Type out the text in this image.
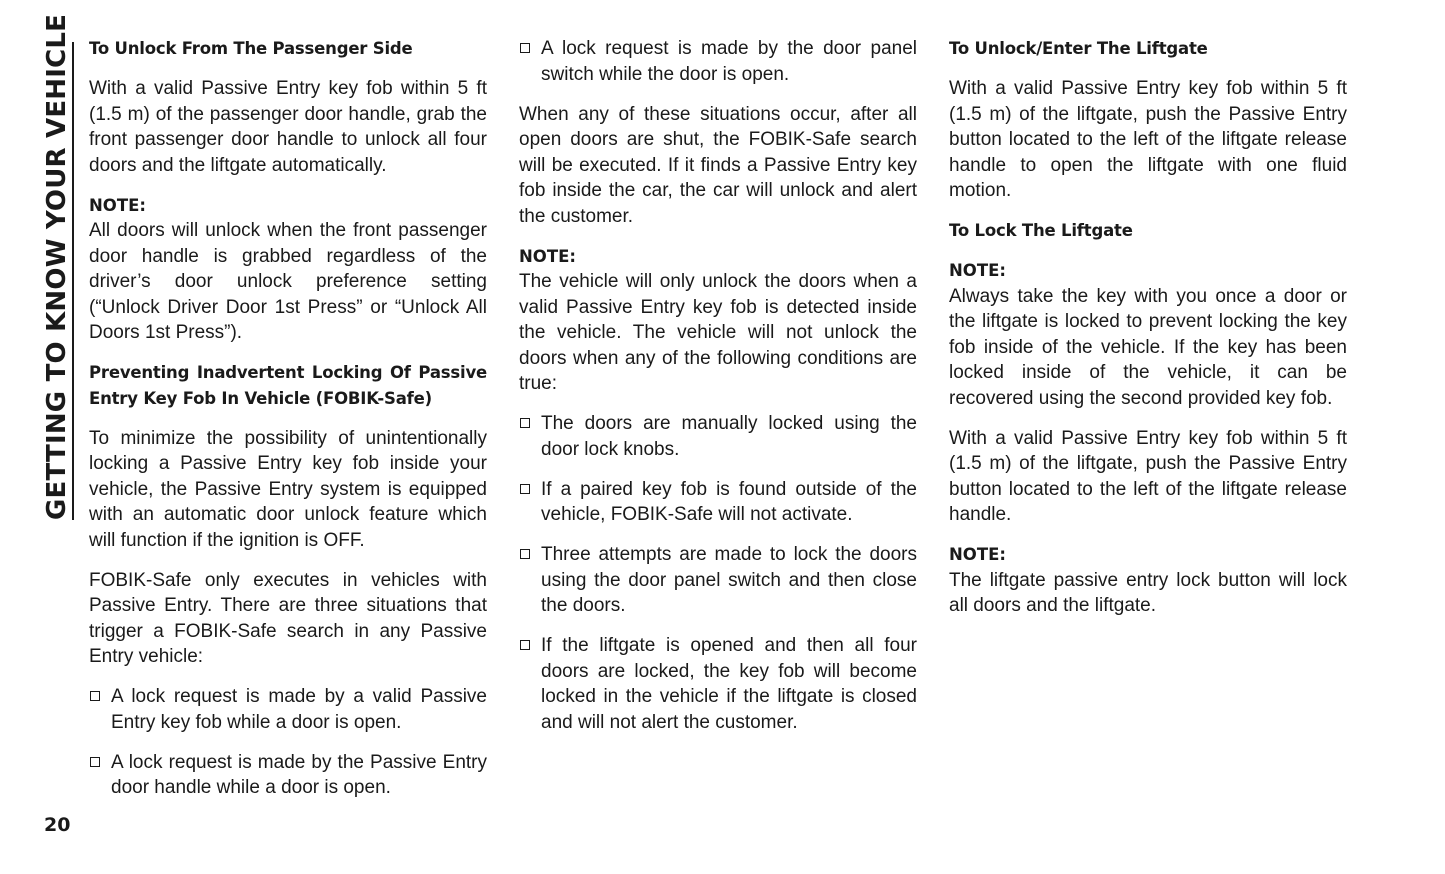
GETTING TO KNOW YOUR VEHICLE
20
To Unlock From The Passenger Side

With a valid Passive Entry key fob within 5 ft (1.5 m) of the passenger door handle, grab the front passenger door handle to unlock all four doors and the liftgate automatically.

NOTE:
All doors will unlock when the front passenger door handle is grabbed regardless of the driver’s door unlock preference setting (“Unlock Driver Door 1st Press” or “Unlock All Doors 1st Press”).
Preventing Inadvertent Locking Of Passive Entry Key Fob In Vehicle (FOBIK-Safe)

To minimize the possibility of unintentionally locking a Passive Entry key fob inside your vehicle, the Passive Entry system is equipped with an automatic door unlock feature which will function if the ignition is OFF.

FOBIK-Safe only executes in vehicles with Passive Entry. There are three situations that trigger a FOBIK-Safe search in any Passive Entry vehicle:

A lock request is made by a valid Passive Entry key fob while a door is open.
A lock request is made by the Passive Entry door handle while a door is open.
A lock request is made by the door panel switch while the door is open.

When any of these situations occur, after all open doors are shut, the FOBIK-Safe search will be executed. If it finds a Passive Entry key fob inside the car, the car will unlock and alert the customer.

NOTE:
The vehicle will only unlock the doors when a valid Passive Entry key fob is detected inside the vehicle. The vehicle will not unlock the doors when any of the following conditions are true:
The doors are manually locked using the door lock knobs.
If a paired key fob is found outside of the vehicle, FOBIK-Safe will not activate.
Three attempts are made to lock the doors using the door panel switch and then close the doors.
If the liftgate is opened and then all four doors are locked, the key fob will become locked in the vehicle if the liftgate is closed and will not alert the customer.
To Unlock/Enter The Liftgate

With a valid Passive Entry key fob within 5 ft (1.5 m) of the liftgate, push the Passive Entry button located to the left of the liftgate release handle to open the liftgate with one fluid motion.

To Lock The Liftgate
NOTE:
Always take the key with you once a door or the liftgate is locked to prevent locking the key fob inside of the vehicle. If the key has been locked inside of the vehicle, it can be recovered using the second provided key fob.

With a valid Passive Entry key fob within 5 ft (1.5 m) of the liftgate, push the Passive Entry button located to the left of the liftgate release handle.

NOTE:
The liftgate passive entry lock button will lock all doors and the liftgate.
